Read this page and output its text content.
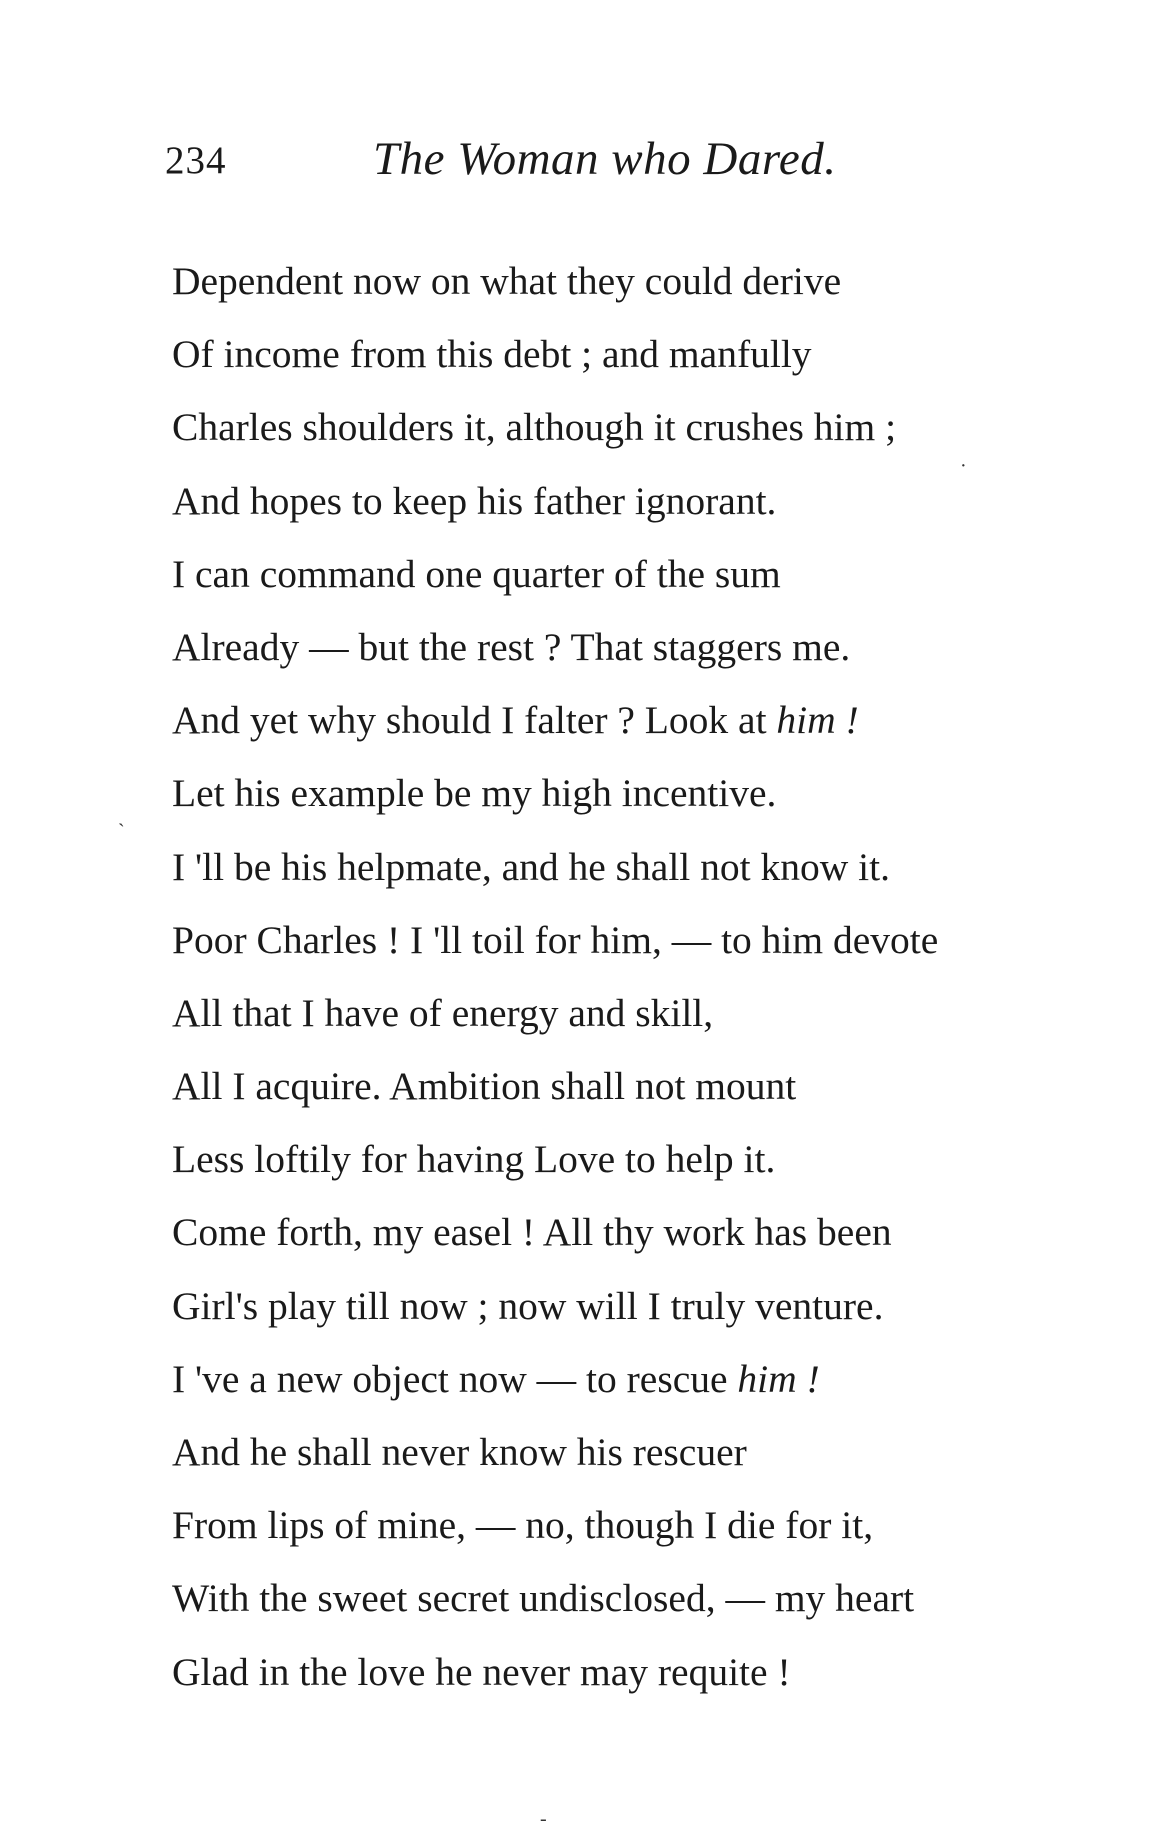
234	The Woman who Dared.
Dependent now on what they could derive
Of income from this debt ; and manfully
Charles shoulders it, although it crushes him ;
And hopes to keep his father ignorant.
I can command one quarter of the sum
Already — but the rest ? That staggers me.
And yet why should I falter ? Look at him !
Let his example be my high incentive.
I 'll be his helpmate, and he shall not know it.
Poor Charles ! I 'll toil for him, — to him devote
All that I have of energy and skill,
All I acquire. Ambition shall not mount
Less loftily for having Love to help it.
Come forth, my easel ! All thy work has been
Girl's play till now ; now will I truly venture.
I 've a new object now — to rescue him !
And he shall never know his rescuer
From lips of mine, — no, though I die for it,
With the sweet secret undisclosed, — my heart
Glad in the love he never may requite !
ˏ
·
-
